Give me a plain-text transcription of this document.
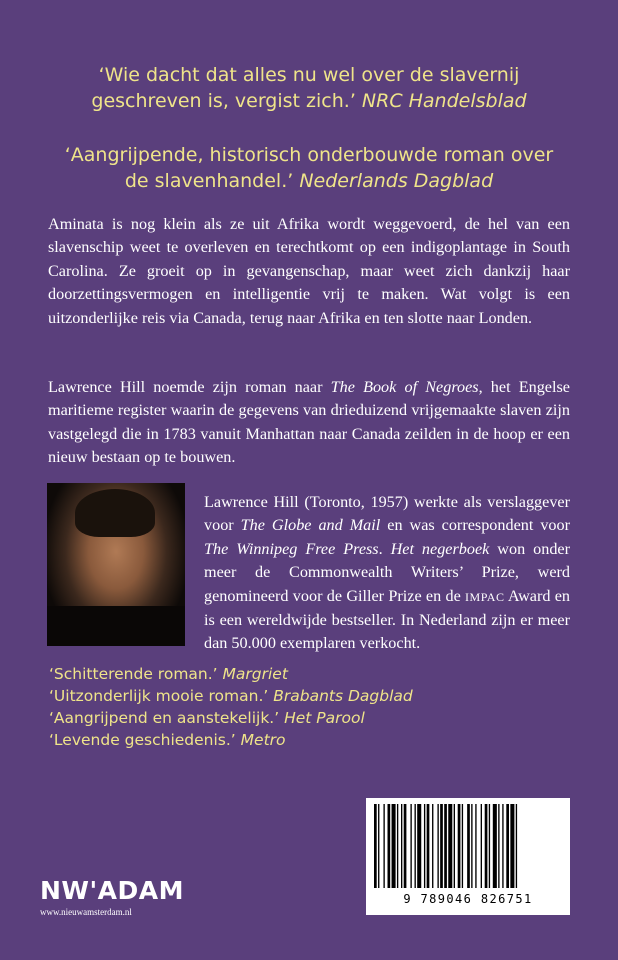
‘Wie dacht dat alles nu wel over de slavernij
geschreven is, vergist zich.’ NRC Handelsblad
‘Aangrijpende, historisch onderbouwde roman over
de slavenhandel.’ Nederlands Dagblad
Aminata is nog klein als ze uit Afrika wordt weggevoerd, de hel van een slavenschip weet te overleven en terechtkomt op een indigoplantage in South Carolina. Ze groeit op in gevangenschap, maar weet zich dankzij haar doorzettingsvermogen en intelligentie vrij te maken. Wat volgt is een uitzonderlijke reis via Canada, terug naar Afrika en ten slotte naar Londen.
Lawrence Hill noemde zijn roman naar The Book of Negroes, het Engelse maritieme register waarin de gegevens van drieduizend vrijgemaakte slaven zijn vastgelegd die in 1783 vanuit Manhattan naar Canada zeilden in de hoop er een nieuw bestaan op te bouwen.
Lawrence Hill (Toronto, 1957) werkte als verslaggever voor The Globe and Mail en was correspondent voor The Winnipeg Free Press. Het negerboek won onder meer de Commonwealth Writers’ Prize, werd genomineerd voor de Giller Prize en de IMPAC Award en is een wereldwijde bestseller. In Nederland zijn er meer dan 50.000 exemplaren verkocht.
‘Schitterende roman.’ Margriet
‘Uitzonderlijk mooie roman.’ Brabants Dagblad
‘Aangrijpend en aanstekelijk.’ Het Parool
‘Levende geschiedenis.’ Metro
NW'ADAM
www.nieuwamsterdam.nl
9 789046 826751
